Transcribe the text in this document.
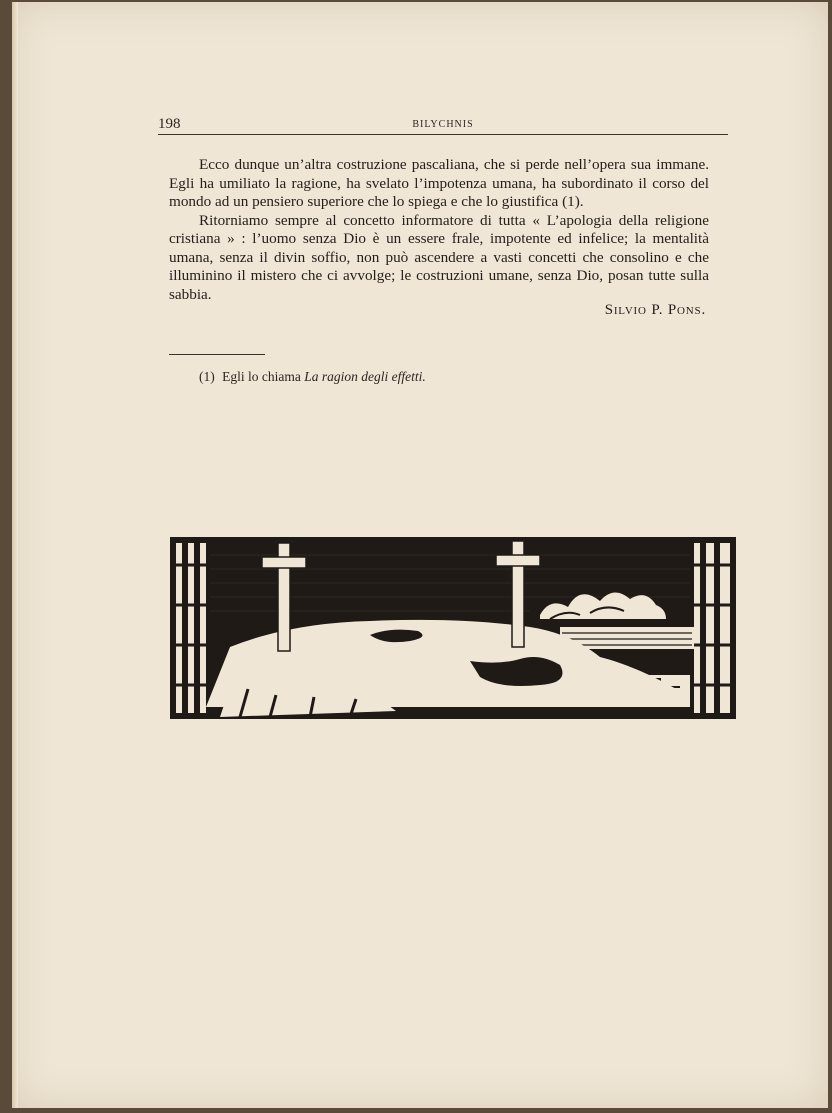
198	BILYCHNIS

Ecco dunque un’altra costruzione pascaliana, che si perde nell’opera sua immane. Egli ha umiliato la ragione, ha svelato l’impotenza umana, ha subordinato il corso del mondo ad un pensiero superiore che lo spiega e che lo giustifica (1).

Ritorniamo sempre al concetto informatore di tutta « L’apologia della religione cristiana » : l’uomo senza Dio è un essere frale, impotente ed infelice; la mentalità umana, senza il divin soffio, non può ascendere a vasti concetti che consolino e che illuminino il mistero che ci avvolge; le costruzioni umane, senza Dio, posan tutte sulla sabbia.

Silvio P. Pons.
(1) Egli lo chiama La ragion degli effetti.
